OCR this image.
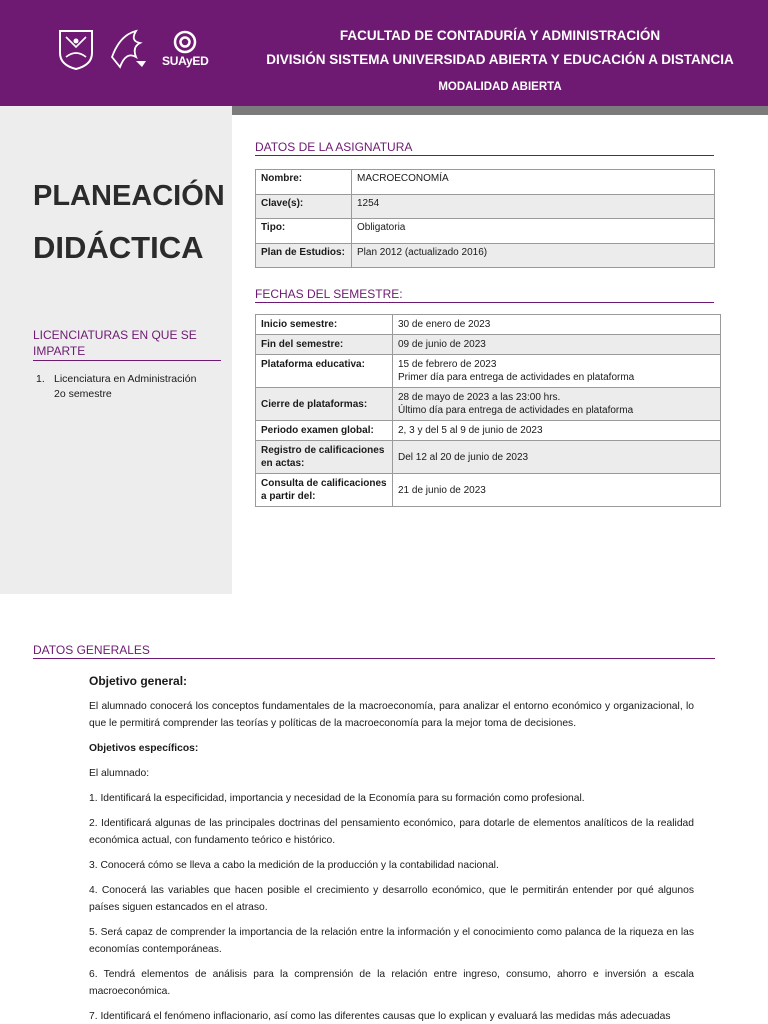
SUAyED
FACULTAD DE CONTADURÍA Y ADMINISTRACIÓN
DIVISIÓN SISTEMA UNIVERSIDAD ABIERTA Y EDUCACIÓN A DISTANCIA
MODALIDAD ABIERTA
PLANEACIÓN
DIDÁCTICA
LICENCIATURAS EN QUE SE IMPARTE
1. Licenciatura en Administración
2o semestre
DATOS DE LA ASIGNATURA
Nombre:	MACROECONOMÍA
Clave(s):	1254
Tipo:	Obligatoria
Plan de Estudios:	Plan 2012 (actualizado 2016)
FECHAS DEL SEMESTRE:
Inicio semestre:	30 de enero de 2023
Fin del semestre:	09 de junio de 2023
Plataforma educativa:	15 de febrero de 2023
Primer día para entrega de actividades en plataforma

Cierre de plataformas:	28 de mayo de 2023 a las 23:00 hrs.
Último día para entrega de actividades en plataforma

Periodo examen global:	2, 3 y del 5 al 9 de junio de 2023
Registro de calificaciones en actas:	Del 12 al 20 de junio de 2023
Consulta de calificaciones a partir del:	21 de junio de 2023
DATOS GENERALES
Objetivo general:

El alumnado conocerá los conceptos fundamentales de la macroeconomía, para analizar el entorno económico y organizacional, lo que le permitirá comprender las teorías y políticas de la macroeconomía para la mejor toma de decisiones.

Objetivos específicos:

El alumnado:

1. Identificará la especificidad, importancia y necesidad de la Economía para su formación como profesional.

2. Identificará algunas de las principales doctrinas del pensamiento económico, para dotarle de elementos analíticos de la realidad económica actual, con fundamento teórico e histórico.

3. Conocerá cómo se lleva a cabo la medición de la producción y la contabilidad nacional.

4. Conocerá las variables que hacen posible el crecimiento y desarrollo económico, que le permitirán entender por qué algunos países siguen estancados en el atraso.

5. Será capaz de comprender la importancia de la relación entre la información y el conocimiento como palanca de la riqueza en las economías contemporáneas.

6. Tendrá elementos de análisis para la comprensión de la relación entre ingreso, consumo, ahorro e inversión a escala macroeconómica.

7. Identificará el fenómeno inflacionario, así como las diferentes causas que lo explican y evaluará las medidas más adecuadas
